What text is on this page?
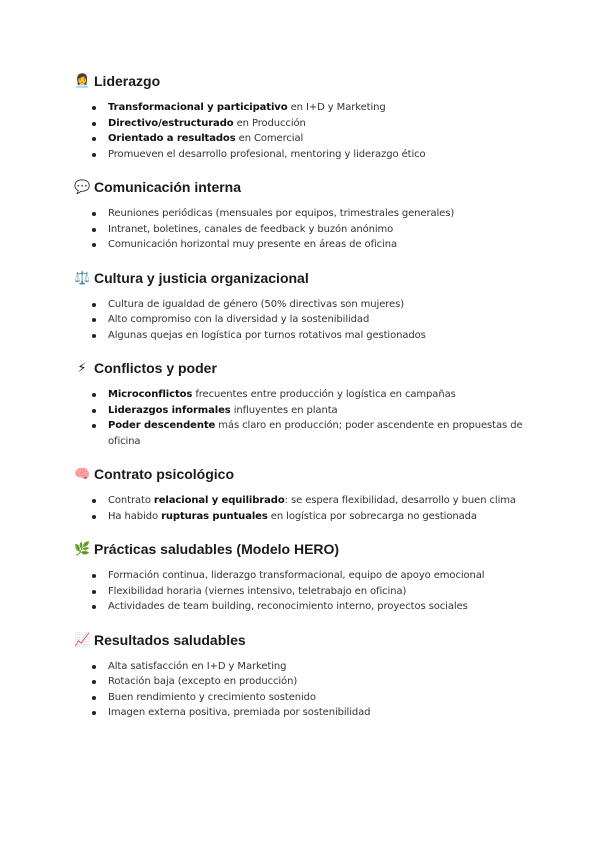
👩‍💼 Liderazgo
Transformacional y participativo en I+D y Marketing
Directivo/estructurado en Producción
Orientado a resultados en Comercial
Promueven el desarrollo profesional, mentoring y liderazgo ético
💬 Comunicación interna
Reuniones periódicas (mensuales por equipos, trimestrales generales)
Intranet, boletines, canales de feedback y buzón anónimo
Comunicación horizontal muy presente en áreas de oficina
⚖️ Cultura y justicia organizacional
Cultura de igualdad de género (50% directivas son mujeres)
Alto compromiso con la diversidad y la sostenibilidad
Algunas quejas en logística por turnos rotativos mal gestionados
⚡ Conflictos y poder
Microconflictos frecuentes entre producción y logística en campañas
Liderazgos informales influyentes en planta
Poder descendente más claro en producción; poder ascendente en propuestas de oficina
🧠 Contrato psicológico
Contrato relacional y equilibrado: se espera flexibilidad, desarrollo y buen clima
Ha habido rupturas puntuales en logística por sobrecarga no gestionada
🌿 Prácticas saludables (Modelo HERO)
Formación continua, liderazgo transformacional, equipo de apoyo emocional
Flexibilidad horaria (viernes intensivo, teletrabajo en oficina)
Actividades de team building, reconocimiento interno, proyectos sociales
📈 Resultados saludables
Alta satisfacción en I+D y Marketing
Rotación baja (excepto en producción)
Buen rendimiento y crecimiento sostenido
Imagen externa positiva, premiada por sostenibilidad
